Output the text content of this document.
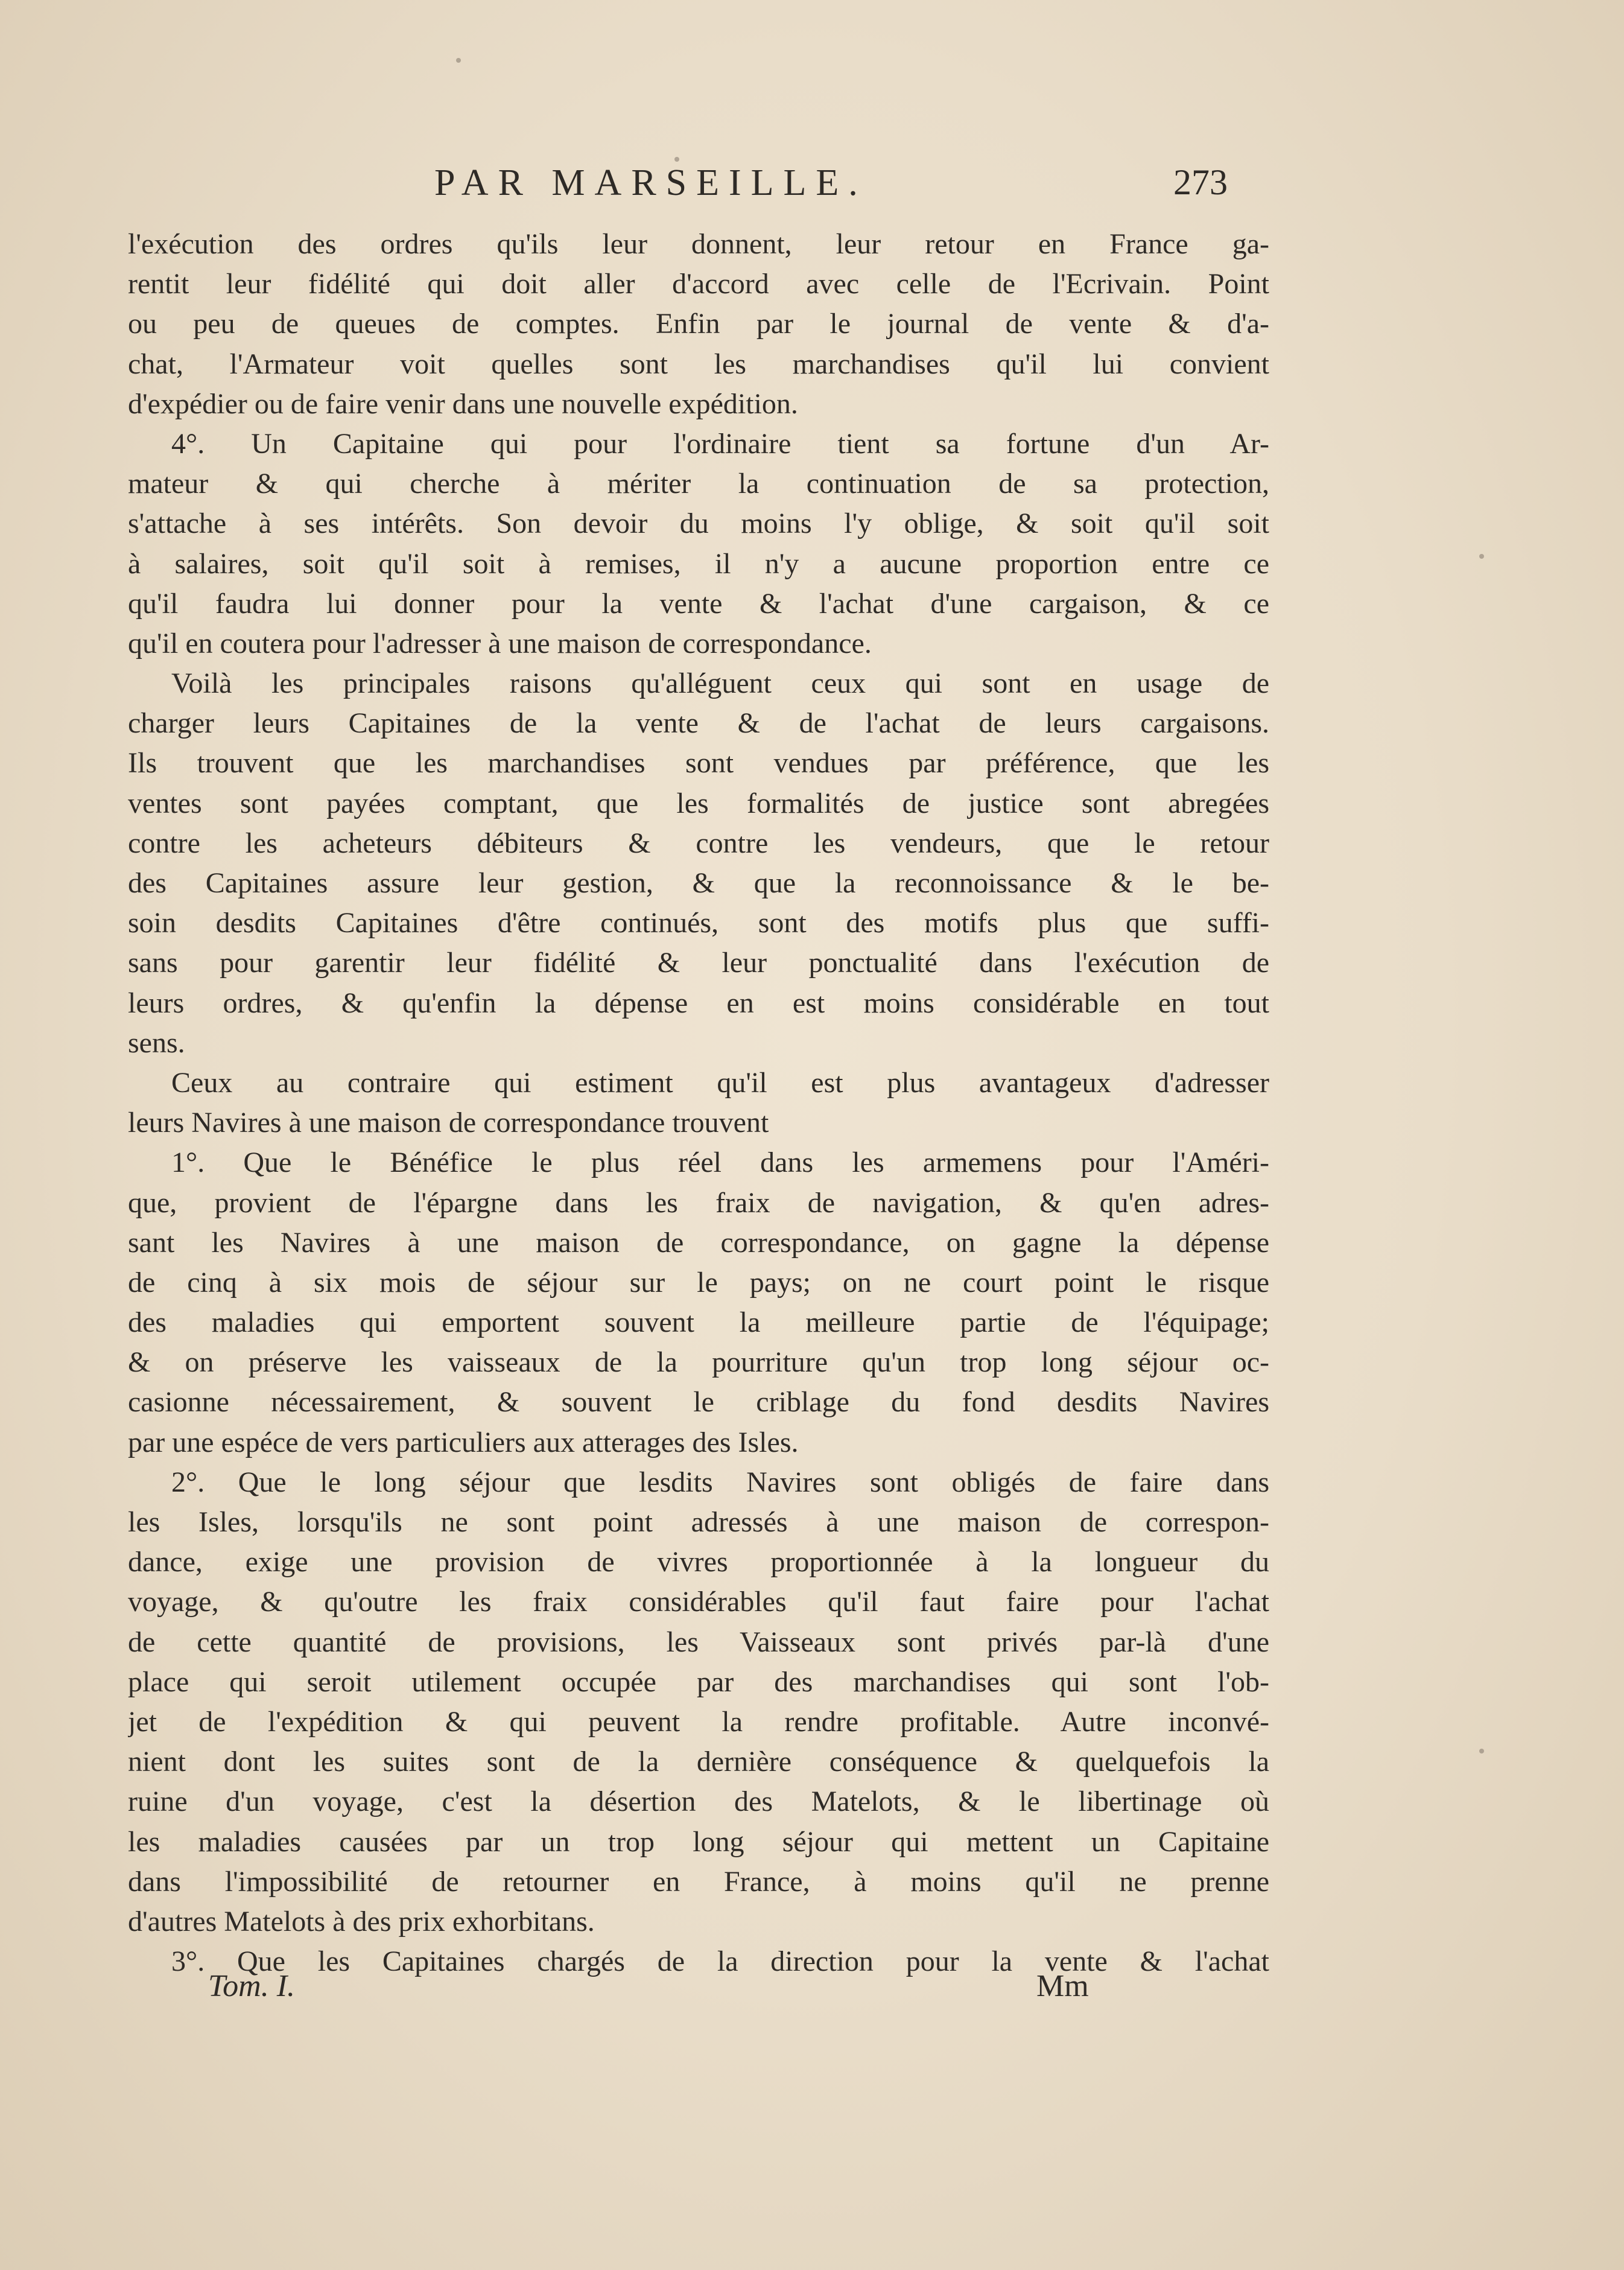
PAR MARSEILLE.	273
l'exécution des ordres qu'ils leur donnent, leur retour en France ga-
rentit leur fidélité qui doit aller d'accord avec celle de l'Ecrivain. Point
ou peu de queues de comptes. Enfin par le journal de vente & d'a-
chat, l'Armateur voit quelles sont les marchandises qu'il lui convient
d'expédier ou de faire venir dans une nouvelle expédition.
4°. Un Capitaine qui pour l'ordinaire tient sa fortune d'un Ar-
mateur & qui cherche à mériter la continuation de sa protection,
s'attache à ses intérêts. Son devoir du moins l'y oblige, & soit qu'il soit
à salaires, soit qu'il soit à remises, il n'y a aucune proportion entre ce
qu'il faudra lui donner pour la vente & l'achat d'une cargaison, & ce
qu'il en coutera pour l'adresser à une maison de correspondance.
Voilà les principales raisons qu'alléguent ceux qui sont en usage de
charger leurs Capitaines de la vente & de l'achat de leurs cargaisons.
Ils trouvent que les marchandises sont vendues par préférence, que les
ventes sont payées comptant, que les formalités de justice sont abregées
contre les acheteurs débiteurs & contre les vendeurs, que le retour
des Capitaines assure leur gestion, & que la reconnoissance & le be-
soin desdits Capitaines d'être continués, sont des motifs plus que suffi-
sans pour garentir leur fidélité & leur ponctualité dans l'exécution de
leurs ordres, & qu'enfin la dépense en est moins considérable en tout
sens.
Ceux au contraire qui estiment qu'il est plus avantageux d'adresser
leurs Navires à une maison de correspondance trouvent
1°. Que le Bénéfice le plus réel dans les armemens pour l'Améri-
que, provient de l'épargne dans les fraix de navigation, & qu'en adres-
sant les Navires à une maison de correspondance, on gagne la dépense
de cinq à six mois de séjour sur le pays; on ne court point le risque
des maladies qui emportent souvent la meilleure partie de l'équipage;
& on préserve les vaisseaux de la pourriture qu'un trop long séjour oc-
casionne nécessairement, & souvent le criblage du fond desdits Navires
par une espéce de vers particuliers aux atterages des Isles.
2°. Que le long séjour que lesdits Navires sont obligés de faire dans
les Isles, lorsqu'ils ne sont point adressés à une maison de correspon-
dance, exige une provision de vivres proportionnée à la longueur du
voyage, & qu'outre les fraix considérables qu'il faut faire pour l'achat
de cette quantité de provisions, les Vaisseaux sont privés par-là d'une
place qui seroit utilement occupée par des marchandises qui sont l'ob-
jet de l'expédition & qui peuvent la rendre profitable. Autre inconvé-
nient dont les suites sont de la dernière conséquence & quelquefois la
ruine d'un voyage, c'est la désertion des Matelots, & le libertinage où
les maladies causées par un trop long séjour qui mettent un Capitaine
dans l'impossibilité de retourner en France, à moins qu'il ne prenne
d'autres Matelots à des prix exhorbitans.
3°. Que les Capitaines chargés de la direction pour la vente & l'achat
Tom. I.	Mm
